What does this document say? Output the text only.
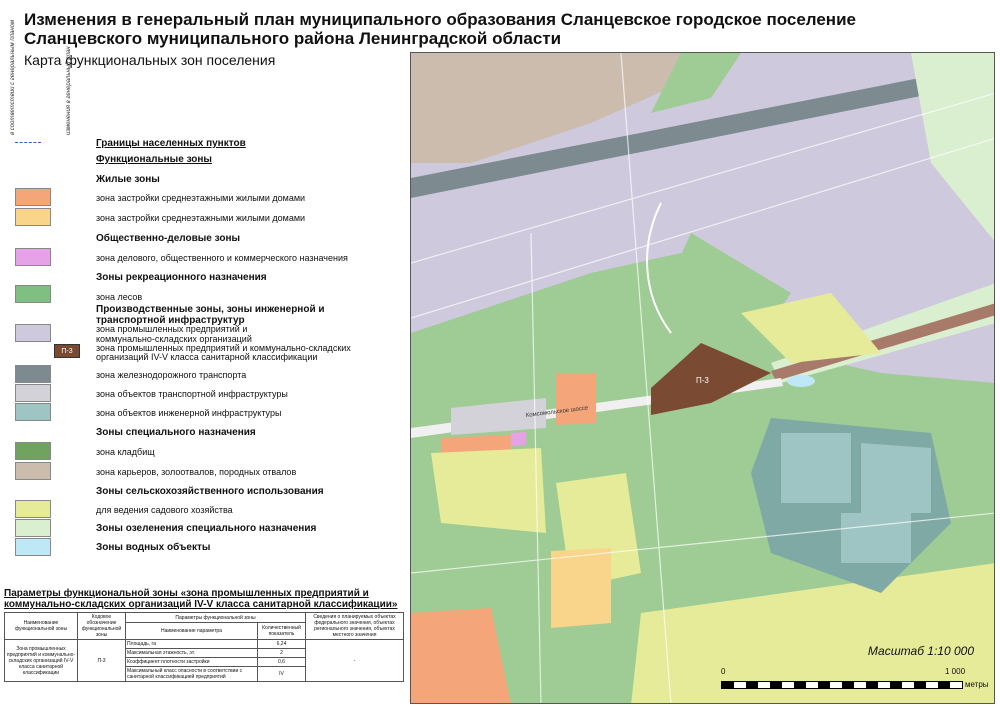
Изменения в генеральный план муниципального образования Сланцевское городское поселение Сланцевского муниципального района Ленинградской области
Карта функциональных зон поселения
в соответствии с генеральным планом	изменения в генеральный план
Границы населенных пунктов
Функциональные зоны
Жилые зоны
зона застройки среднеэтажными жилыми домами
зона застройки среднеэтажными жилыми домами
Общественно-деловые зоны
зона делового, общественного и коммерческого назначения
Зоны рекреационного назначения
зона лесов
Производственные зоны, зоны инженерной и транспортной инфраструктур
зона промышленных предприятий и коммунально-складских организаций
П-3	зона промышленных предприятий и коммунально-складских организаций IV-V класса санитарной классификации
зона железнодорожного транспорта
зона объектов транспортной инфраструктуры
зона объектов инженерной инфраструктуры
Зоны специального назначения
зона кладбищ
зона карьеров, золоотвалов, породных отвалов
Зоны сельскохозяйственного использования
для ведения садового хозяйства
Зоны озеленения специального назначения
Зоны водных объекты
Параметры функциональной зоны «зона промышленных предприятий и коммунально-складских организаций IV-V класса санитарной классификации»
Наименование функциональной зоны	Кодовое обозначение функциональной зоны	Параметры функциональной зоны		Сведения о планируемых объектах федерального значения, объектах регионального значения, объектах местного значения
		Наименование параметра	Количественный показатель	
Зона промышленных предприятий и коммунально-складских организаций IV-V класса санитарной классификации	П-3	Площадь, га	6,24	-
		Максимальная этажность, эт.	2	
		Коэффициент плотности застройки	0,6	
		Максимальный класс опасности в соответствии с санитарной классификацией предприятий	IV	
П-3
Комсомольское шоссе
Масштаб 1:10 000
0	1 000
метры
